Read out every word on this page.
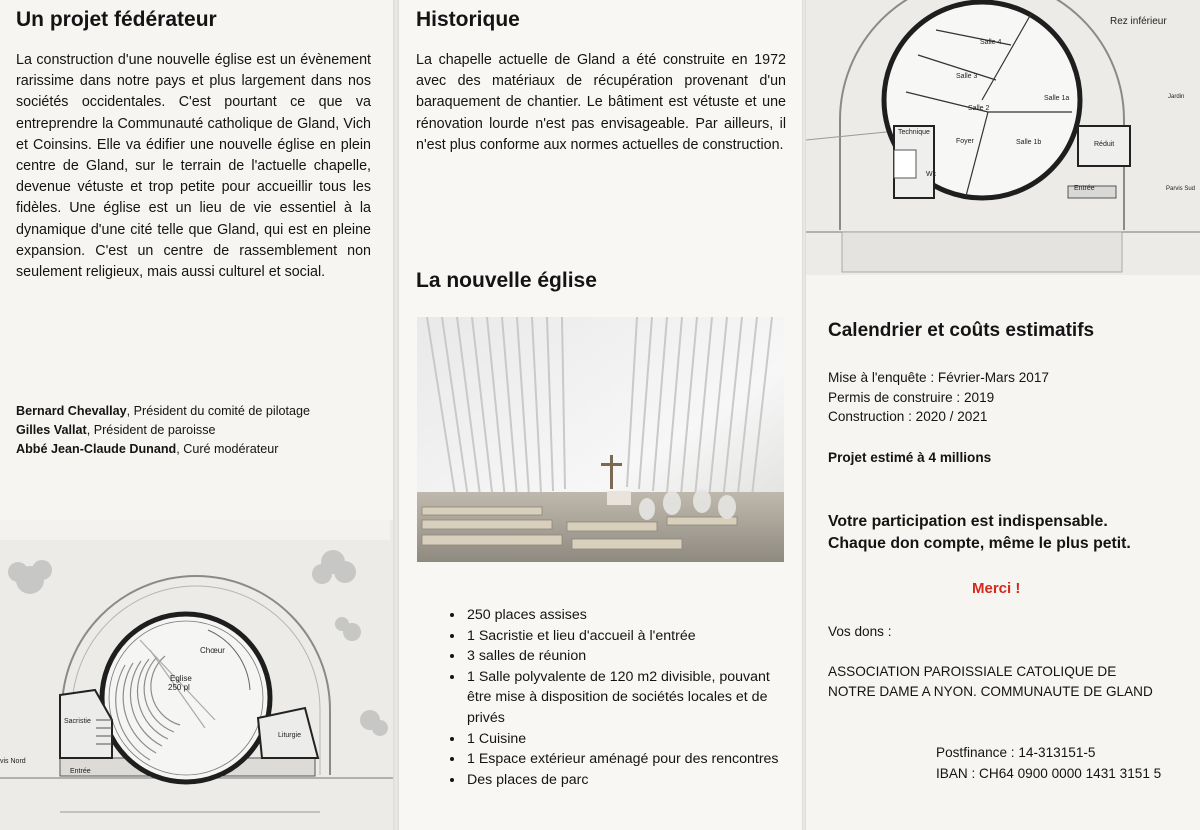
Un projet fédérateur
La construction d'une nouvelle église est un évènement rarissime dans notre pays et plus largement dans nos sociétés occidentales. C'est pourtant ce que va entreprendre la Communauté catholique de Gland, Vich et Coinsins. Elle va édifier une nouvelle église en plein centre de Gland, sur le terrain de l'actuelle chapelle, devenue vétuste et trop petite pour accueillir tous les fidèles. Une église est un lieu de vie essentiel à la dynamique d'une cité telle que Gland, qui est en pleine expansion. C'est un centre de rassemblement non seulement religieux, mais aussi culturel et social.
Bernard Chevallay, Président du comité de pilotage
Gilles Vallat, Président de paroisse
Abbé Jean-Claude Dunand, Curé modérateur
Chœur
Eglise
250 pl
Sacristie
Liturgie
Entrée
vis Nord
Historique
La chapelle actuelle de Gland a été construite en 1972 avec des matériaux de récupération provenant d'un baraquement de chantier. Le bâtiment est vétuste et une rénovation lourde n'est pas envisageable. Par ailleurs, il n'est plus conforme aux normes actuelles de construction.
La nouvelle église
• 250 places assises
• 1 Sacristie et lieu d'accueil à l'entrée
• 3 salles de réunion
• 1 Salle polyvalente de 120 m2 divisible, pouvant être mise à disposition de sociétés locales et de privés
• 1 Cuisine
• 1 Espace extérieur aménagé pour des rencontres
• Des places de parc
Rez inférieur
Salle 4
Salle 3
Salle 2
Salle 1a
Salle 1b
Foyer
Technique
Réduit
Wc
Entrée
Jardin
Parvis Sud
Calendrier et coûts estimatifs
Mise à l'enquête : Février-Mars 2017
Permis de construire : 2019
Construction : 2020 / 2021
Projet estimé à 4 millions
Votre participation est indispensable.
Chaque don compte, même le plus petit.
Merci !
Vos dons :
ASSOCIATION PAROISSIALE CATOLIQUE DE
NOTRE DAME A NYON. COMMUNAUTE DE GLAND
Postfinance : 14-313151-5
IBAN : CH64 0900 0000 1431 3151 5
